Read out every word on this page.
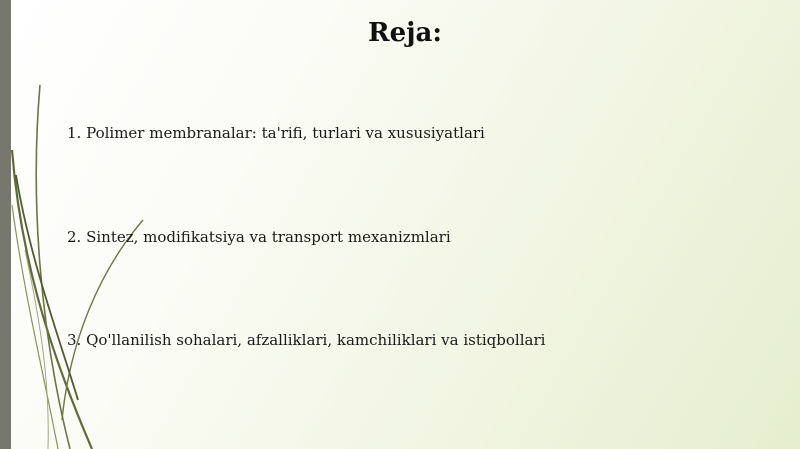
Reja:
1. Polimer membranalar: ta'rifi, turlari va xususiyatlari
2. Sintez, modifikatsiya va transport mexanizmlari
3. Qo'llanilish sohalari, afzalliklari, kamchiliklari va istiqbollari
